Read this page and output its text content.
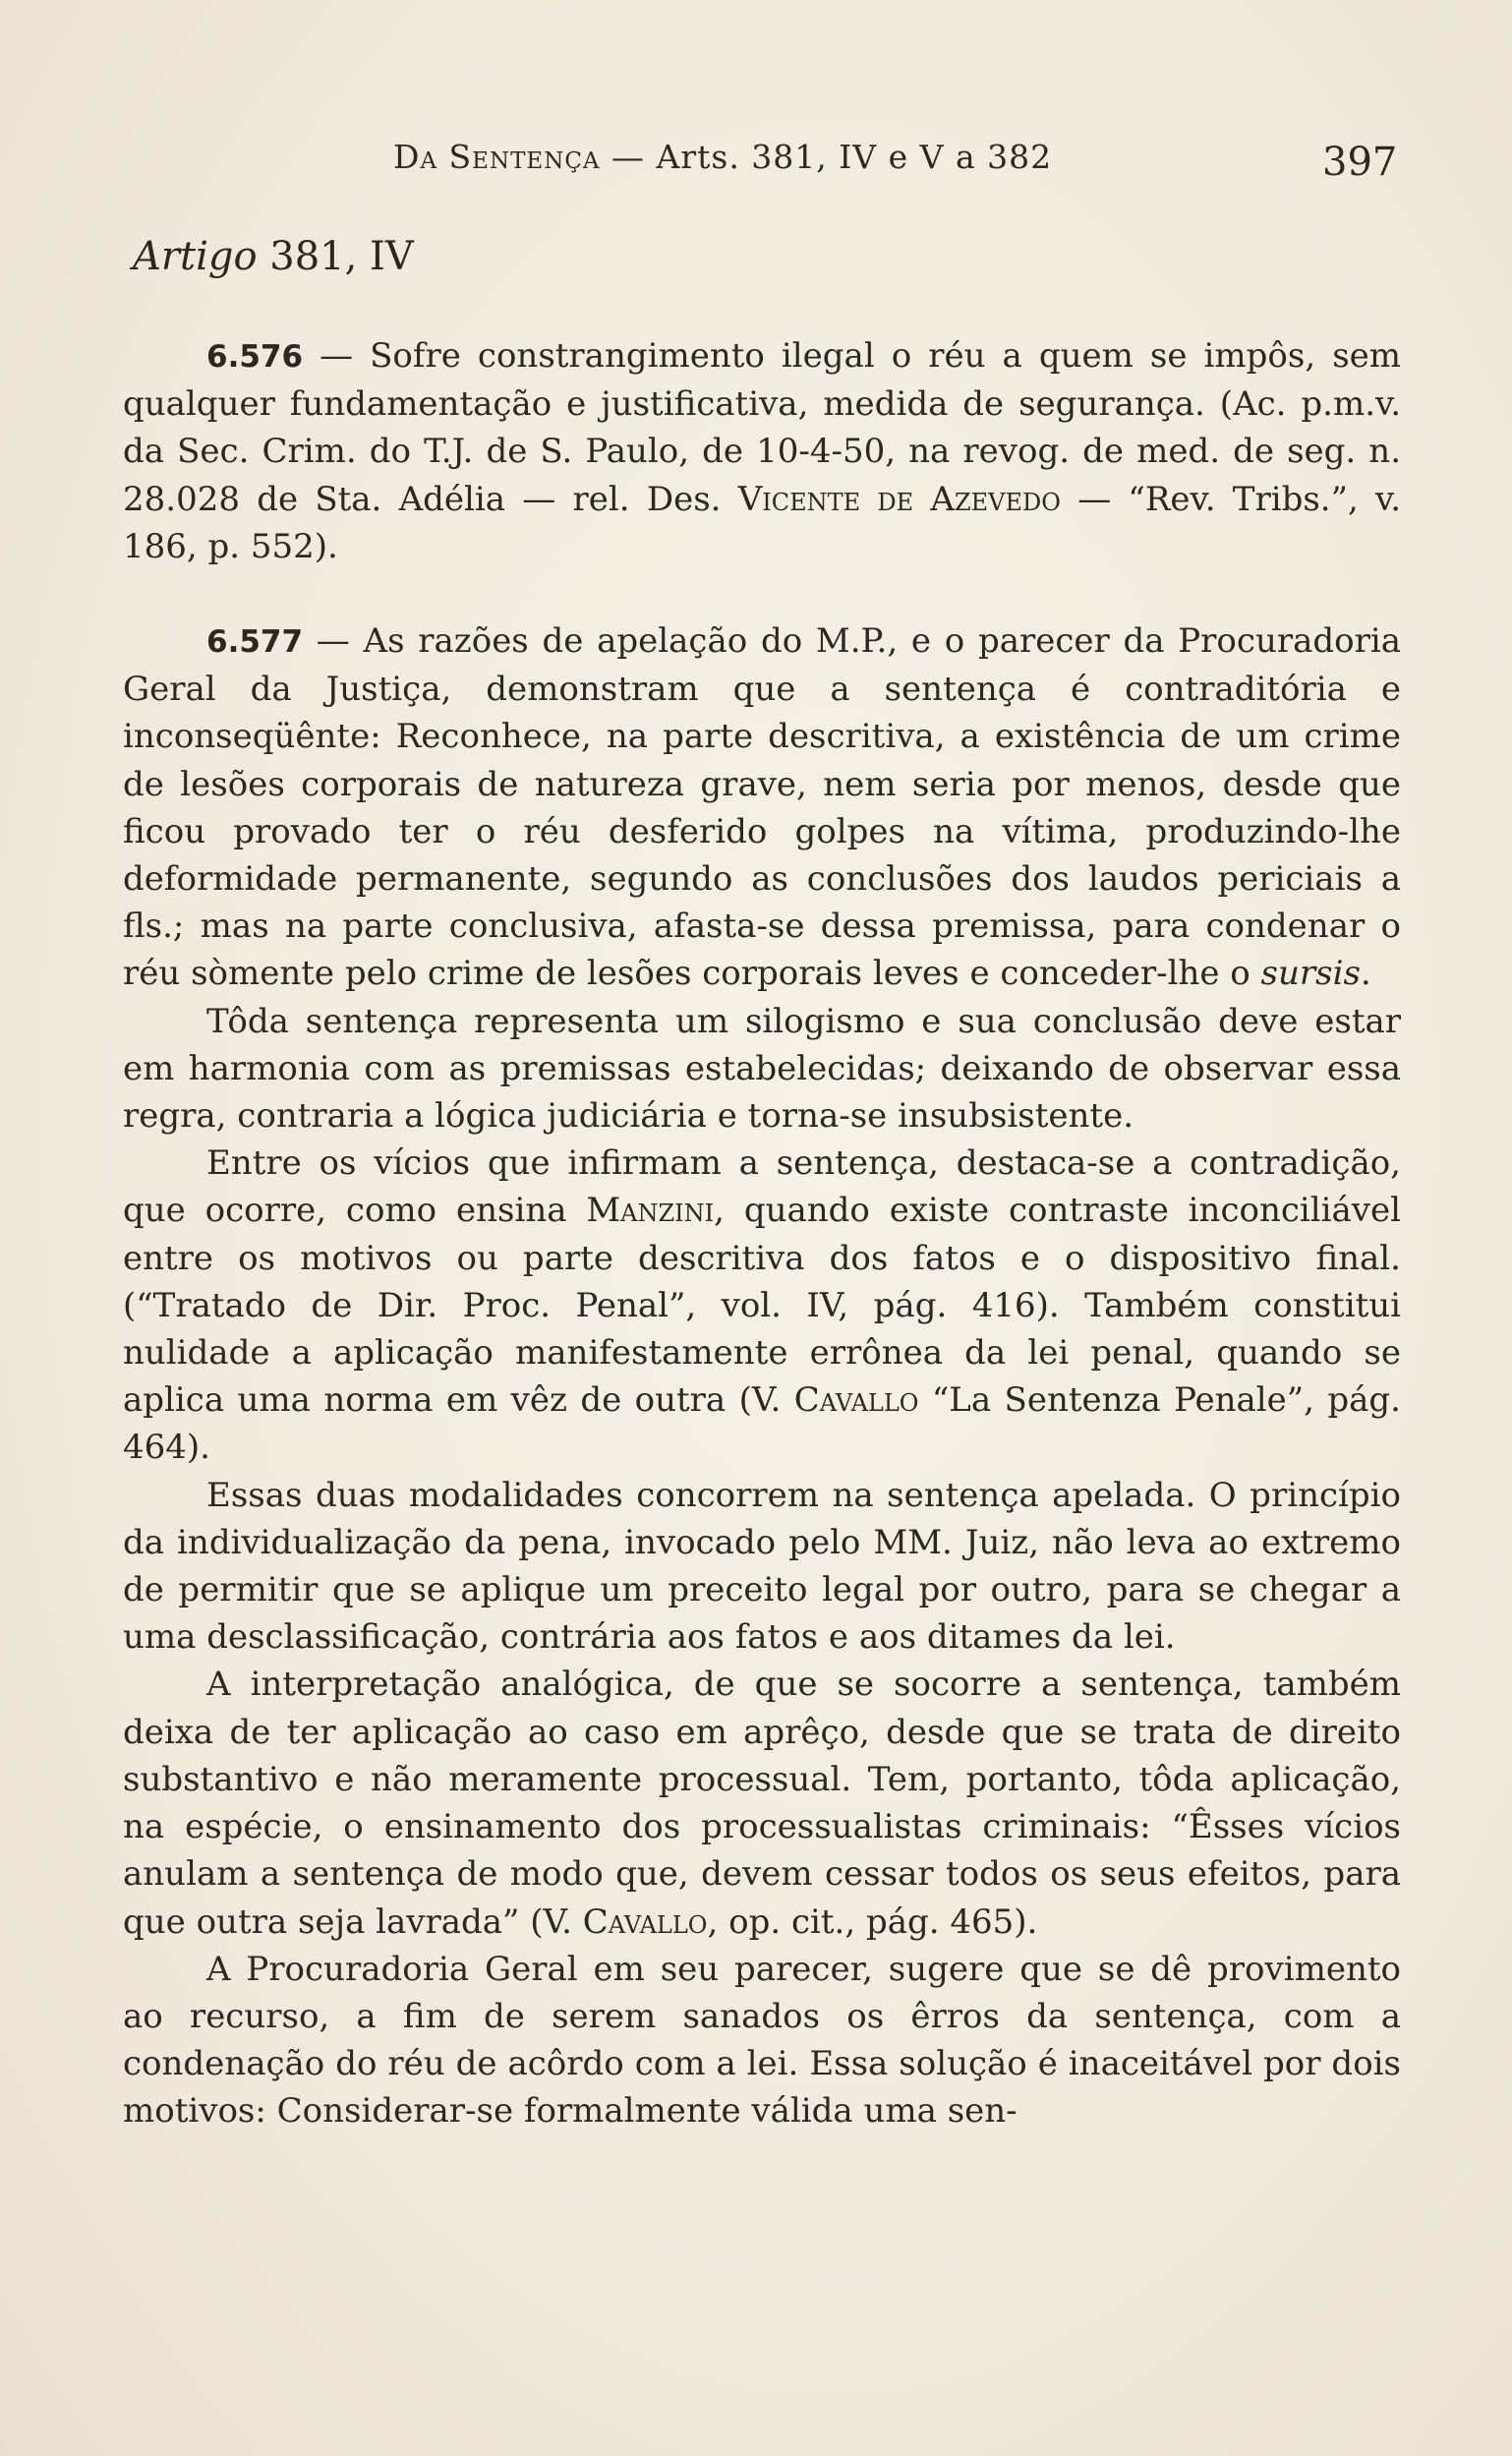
Da Sentença — Arts. 381, IV e V a 382	397
Artigo 381, IV

6.576 — Sofre constrangimento ilegal o réu a quem se impôs, sem qualquer fundamentação e justificativa, medida de segurança. (Ac. p.m.v. da Sec. Crim. do T.J. de S. Paulo, de 10-4-50, na revog. de med. de seg. n. 28.028 de Sta. Adélia — rel. Des. Vicente de Azevedo — “Rev. Tribs.”, v. 186, p. 552).

6.577 — As razões de apelação do M.P., e o parecer da Procuradoria Geral da Justiça, demonstram que a sentença é contraditória e inconseqüênte: Reconhece, na parte descritiva, a existência de um crime de lesões corporais de natureza grave, nem seria por menos, desde que ficou provado ter o réu desferido golpes na vítima, produzindo-lhe deformidade permanente, segundo as conclusões dos laudos periciais a fls.; mas na parte conclusiva, afasta-se dessa premissa, para condenar o réu sòmente pelo crime de lesões corporais leves e conceder-lhe o sursis.

Tôda sentença representa um silogismo e sua conclusão deve estar em harmonia com as premissas estabelecidas; deixando de observar essa regra, contraria a lógica judiciária e torna-se insubsistente.

Entre os vícios que infirmam a sentença, destaca-se a contradição, que ocorre, como ensina Manzini, quando existe contraste inconciliável entre os motivos ou parte descritiva dos fatos e o dispositivo final. (“Tratado de Dir. Proc. Penal”, vol. IV, pág. 416). Também constitui nulidade a aplicação manifestamente errônea da lei penal, quando se aplica uma norma em vêz de outra (V. Cavallo “La Sentenza Penale”, pág. 464).

Essas duas modalidades concorrem na sentença apelada. O princípio da individualização da pena, invocado pelo MM. Juiz, não leva ao extremo de permitir que se aplique um preceito legal por outro, para se chegar a uma desclassificação, contrária aos fatos e aos ditames da lei.

A interpretação analógica, de que se socorre a sentença, também deixa de ter aplicação ao caso em aprêço, desde que se trata de direito substantivo e não meramente processual. Tem, portanto, tôda aplicação, na espécie, o ensinamento dos processualistas criminais: “Êsses vícios anulam a sentença de modo que, devem cessar todos os seus efeitos, para que outra seja lavrada” (V. Cavallo, op. cit., pág. 465).

A Procuradoria Geral em seu parecer, sugere que se dê provimento ao recurso, a fim de serem sanados os êrros da sentença, com a condenação do réu de acôrdo com a lei. Essa solução é inaceitável por dois motivos: Considerar-se formalmente válida uma sen-
